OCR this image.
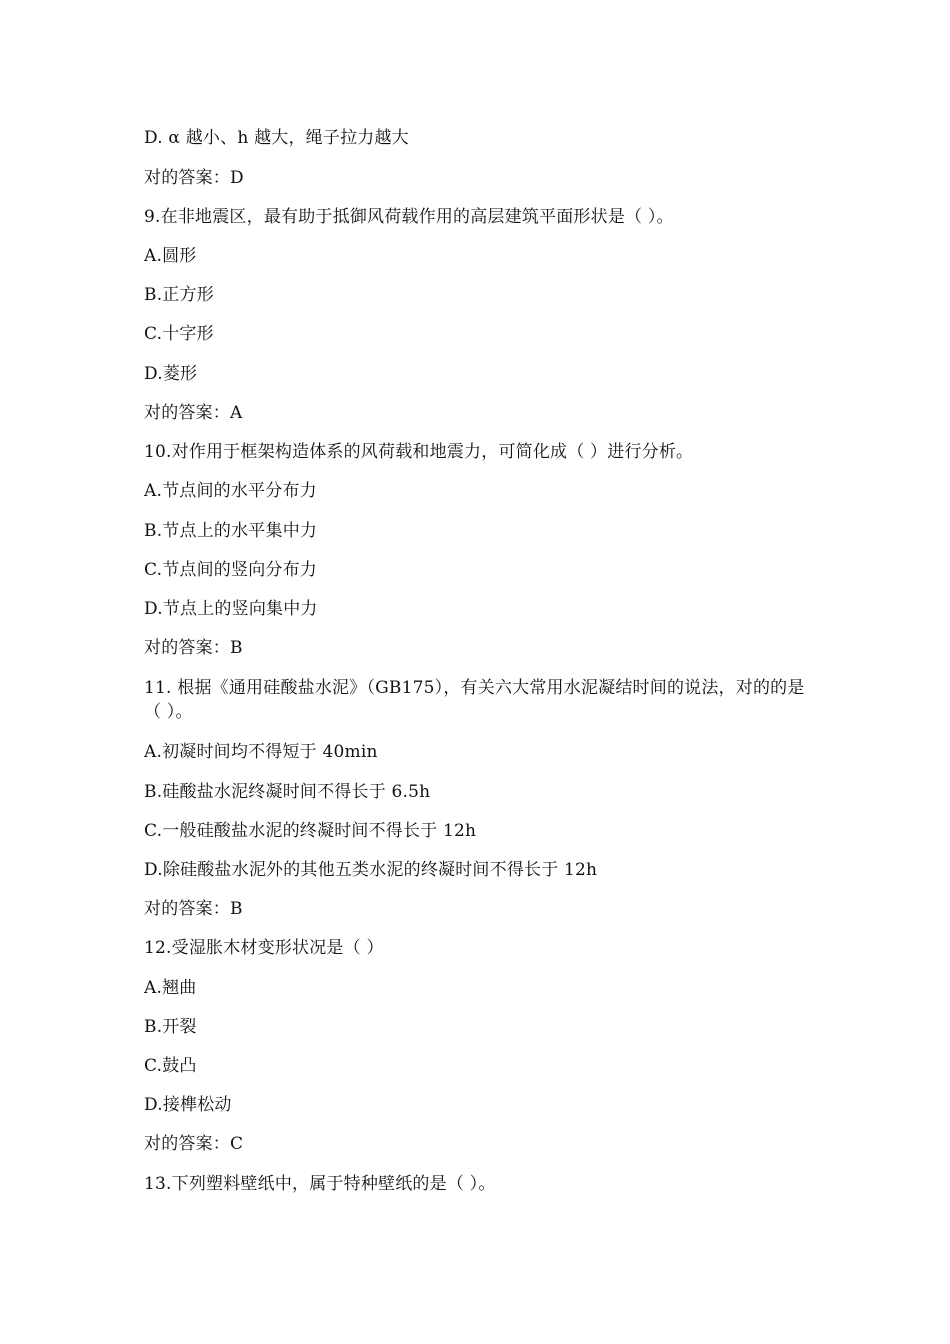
D. α 越小、h 越大，绳子拉力越大
对的答案：D
9.在非地震区，最有助于抵御风荷载作用的高层建筑平面形状是（ ）。
A.圆形
B.正方形
C.十字形
D.菱形
对的答案：A
10.对作用于框架构造体系的风荷载和地震力，可简化成（ ）进行分析。
A.节点间的水平分布力
B.节点上的水平集中力
C.节点间的竖向分布力
D.节点上的竖向集中力
对的答案：B
11. 根据《通用硅酸盐水泥》（GB175），有关六大常用水泥凝结时间的说法，对的的是（ ）。
A.初凝时间均不得短于 40min
B.硅酸盐水泥终凝时间不得长于 6.5h
C.一般硅酸盐水泥的终凝时间不得长于 12h
D.除硅酸盐水泥外的其他五类水泥的终凝时间不得长于 12h
对的答案：B
12.受湿胀木材变形状况是（ ）
A.翘曲
B.开裂
C.鼓凸
D.接榫松动
对的答案：C
13.下列塑料壁纸中，属于特种壁纸的是（ ）。
